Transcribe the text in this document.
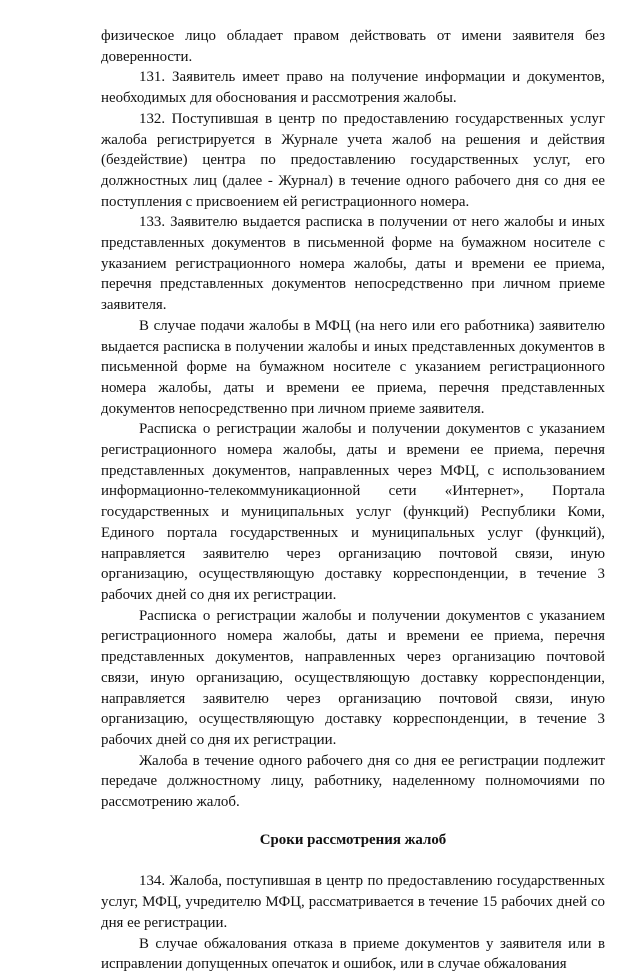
физическое лицо обладает правом действовать от имени заявителя без доверенности.

131. Заявитель имеет право на получение информации и документов, необходимых для обоснования и рассмотрения жалобы.

132. Поступившая в центр по предоставлению государственных услуг жалоба регистрируется в Журнале учета жалоб на решения и действия (бездействие) центра по предоставлению государственных услуг, его должностных лиц (далее - Журнал) в течение одного рабочего дня со дня ее поступления с присвоением ей регистрационного номера.

133. Заявителю выдается расписка в получении от него жалобы и иных представленных документов в письменной форме на бумажном носителе с указанием регистрационного номера жалобы, даты и времени ее приема, перечня представленных документов непосредственно при личном приеме заявителя.

В случае подачи жалобы в МФЦ (на него или его работника) заявителю выдается расписка в получении жалобы и иных представленных документов в письменной форме на бумажном носителе с указанием регистрационного номера жалобы, даты и времени ее приема, перечня представленных документов непосредственно при личном приеме заявителя.

Расписка о регистрации жалобы и получении документов с указанием регистрационного номера жалобы, даты и времени ее приема, перечня представленных документов, направленных через МФЦ, с использованием информационно-телекоммуникационной сети «Интернет», Портала государственных и муниципальных услуг (функций) Республики Коми, Единого портала государственных и муниципальных услуг (функций), направляется заявителю через организацию почтовой связи, иную организацию, осуществляющую доставку корреспонденции, в течение 3 рабочих дней со дня их регистрации.

Расписка о регистрации жалобы и получении документов с указанием регистрационного номера жалобы, даты и времени ее приема, перечня представленных документов, направленных через организацию почтовой связи, иную организацию, осуществляющую доставку корреспонденции, направляется заявителю через организацию почтовой связи, иную организацию, осуществляющую доставку корреспонденции, в течение 3 рабочих дней со дня их регистрации.

Жалоба в течение одного рабочего дня со дня ее регистрации подлежит передаче должностному лицу, работнику, наделенному полномочиями по рассмотрению жалоб.

Сроки рассмотрения жалоб

134. Жалоба, поступившая в центр по предоставлению государственных услуг, МФЦ, учредителю МФЦ, рассматривается в течение 15 рабочих дней со дня ее регистрации.

В случае обжалования отказа в приеме документов у заявителя или в исправлении допущенных опечаток и ошибок, или в случае обжалования
